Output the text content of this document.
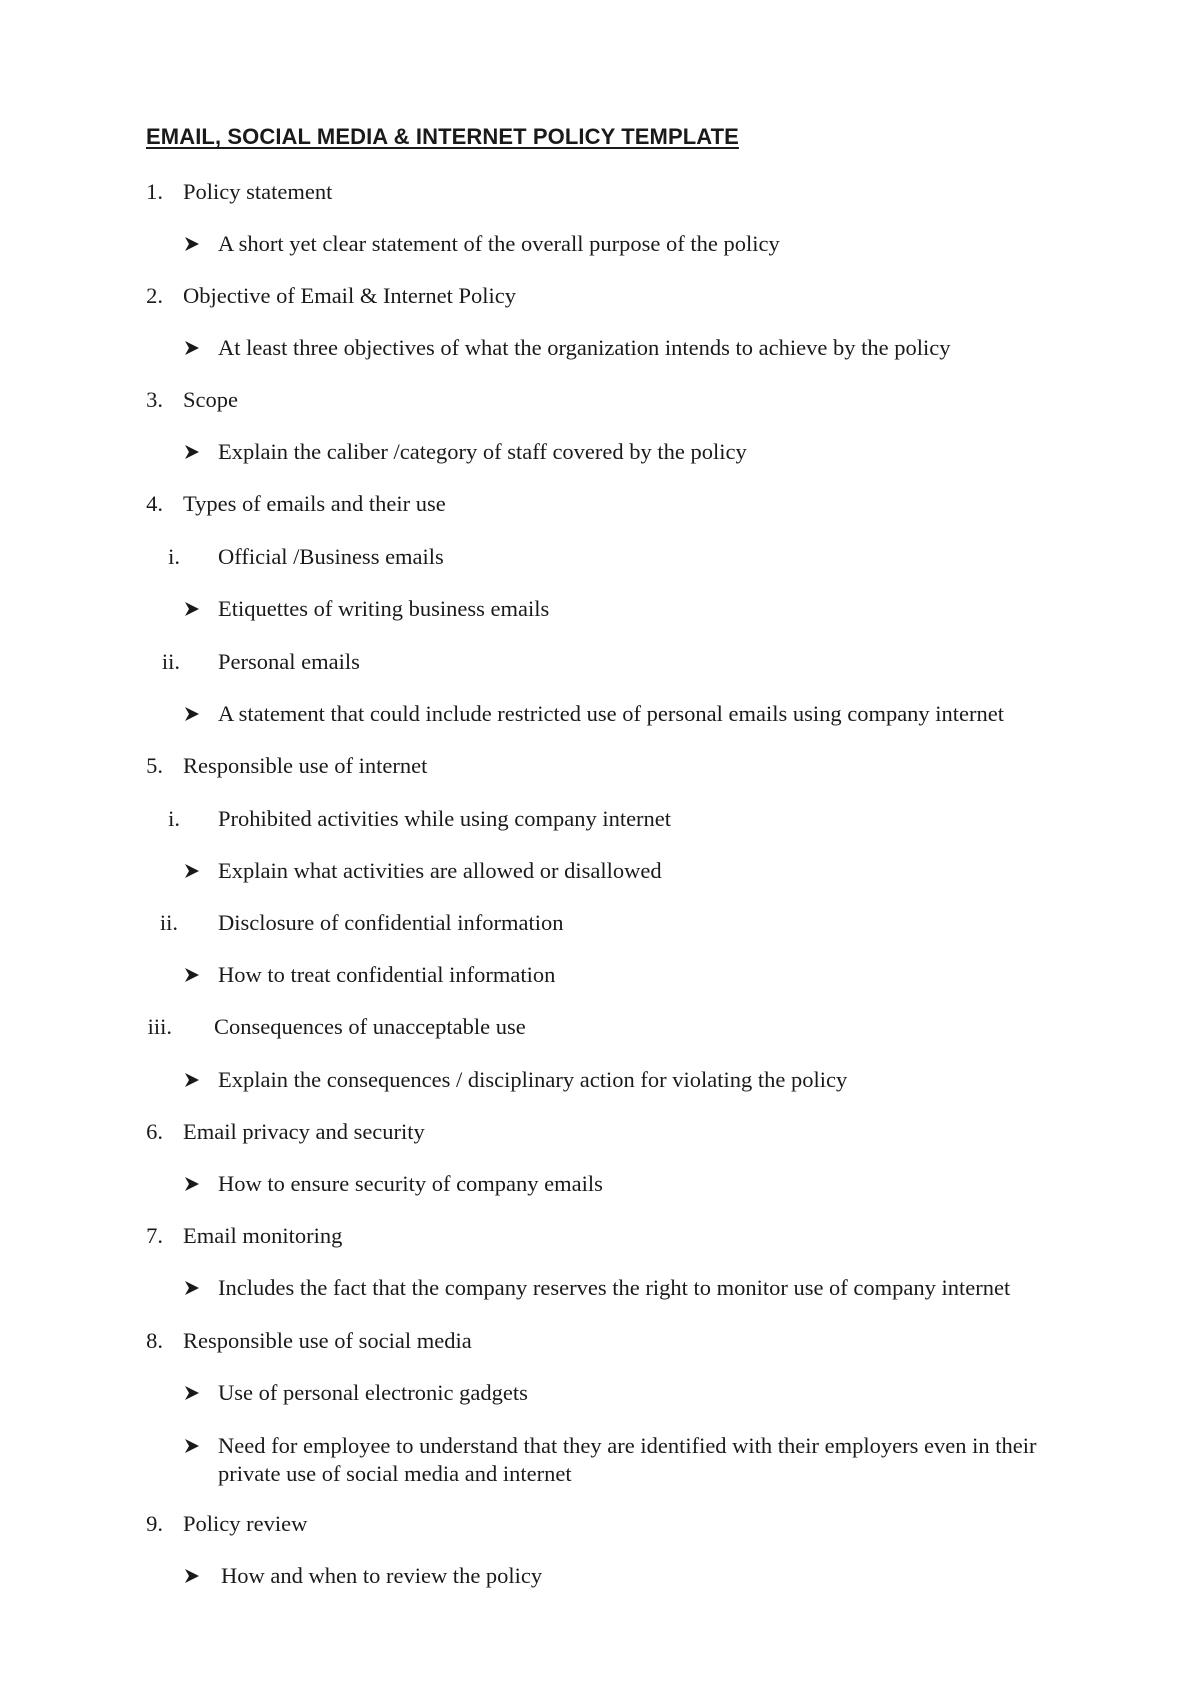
EMAIL, SOCIAL MEDIA & INTERNET POLICY TEMPLATE
1. Policy statement
A short yet clear statement of the overall purpose of the policy
2. Objective of Email & Internet Policy
At least three objectives of what the organization intends to achieve by the policy
3. Scope
Explain the caliber /category of staff covered by the policy
4. Types of emails and their use
i. Official /Business emails
Etiquettes of writing business emails
ii. Personal emails
A statement that could include restricted use of personal emails using company internet
5. Responsible use of internet
i. Prohibited activities while using company internet
Explain what activities are allowed or disallowed
ii. Disclosure of confidential information
How to treat confidential information
iii. Consequences of unacceptable use
Explain the consequences / disciplinary action for violating the policy
6. Email privacy and security
How to ensure security of company emails
7. Email monitoring
Includes the fact that the company reserves the right to monitor use of company internet
8. Responsible use of social media
Use of personal electronic gadgets
Need for employee to understand that they are identified with their employers even in their private use of social media and internet
9. Policy review
How and when to review the policy
